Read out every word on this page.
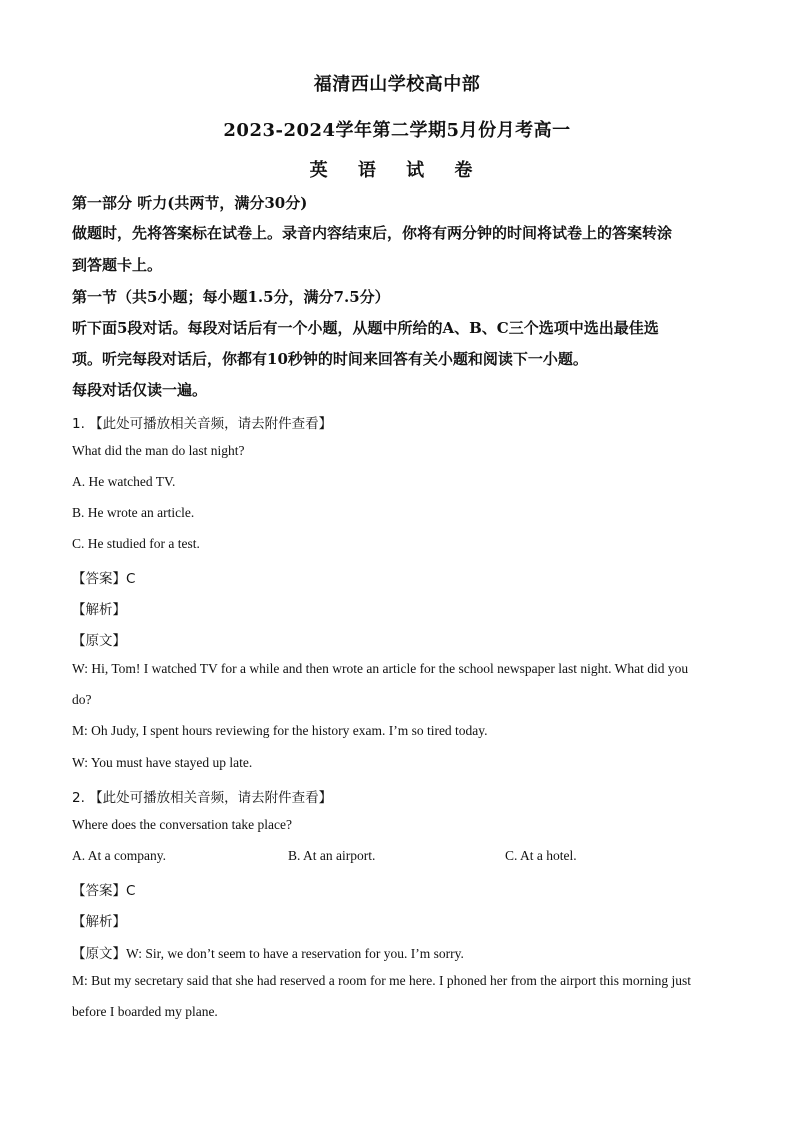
福清西山学校高中部
2023-2024学年第二学期5月份月考高一
英 语 试 卷
第一部分 听力(共两节，满分30分)
做题时，先将答案标在试卷上。录音内容结束后，你将有两分钟的时间将试卷上的答案转涂
到答题卡上。
第一节（共5小题；每小题1.5分，满分7.5分）
听下面5段对话。每段对话后有一个小题，从题中所给的A、B、C三个选项中选出最佳选
项。听完每段对话后，你都有10秒钟的时间来回答有关小题和阅读下一小题。
每段对话仅读一遍。
1. 【此处可播放相关音频，请去附件查看】
What did the man do last night?
A. He watched TV.
B. He wrote an article.
C. He studied for a test.
【答案】C
【解析】
【原文】
W: Hi, Tom! I watched TV for a while and then wrote an article for the school newspaper last night. What did you
do?
M: Oh Judy, I spent hours reviewing for the history exam. I’m so tired today.
W: You must have stayed up late.
2. 【此处可播放相关音频，请去附件查看】
Where does the conversation take place?
A. At a company.	B. At an airport.	C. At a hotel.
【答案】C
【解析】
【原文】W: Sir, we don’t seem to have a reservation for you. I’m sorry.
M: But my secretary said that she had reserved a room for me here. I phoned her from the airport this morning just
before I boarded my plane.
